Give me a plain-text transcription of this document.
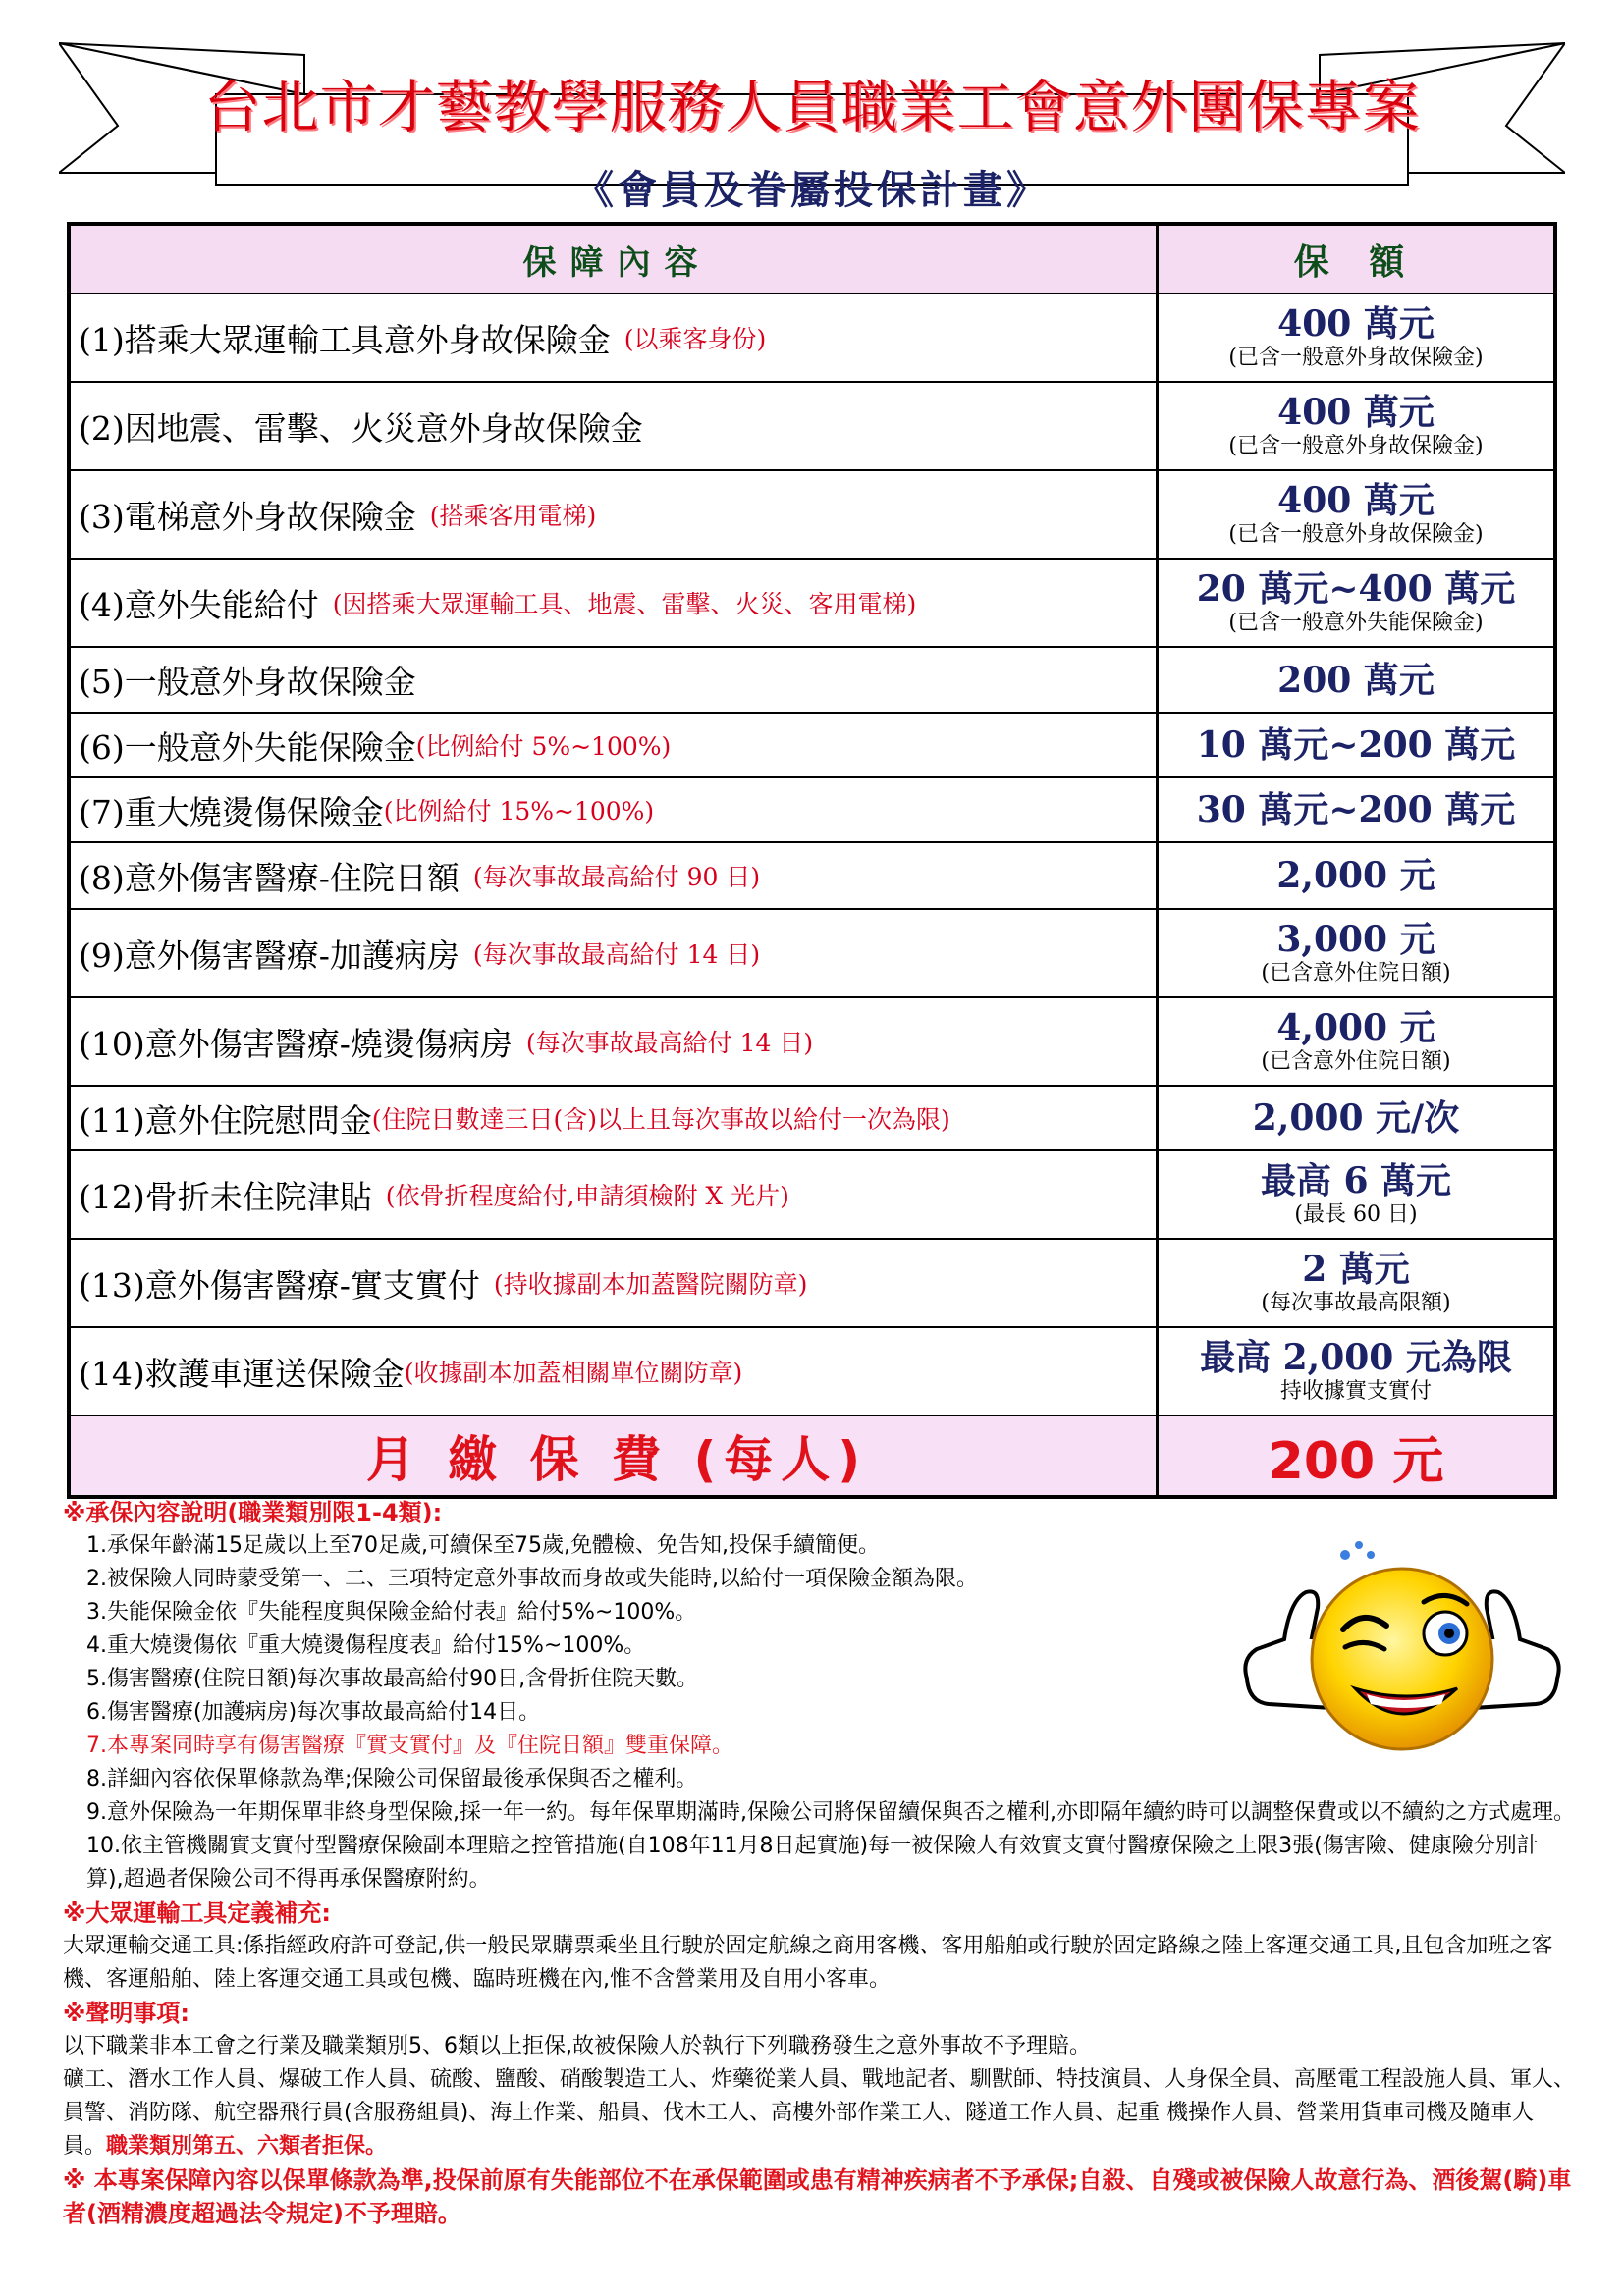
台北市才藝教學服務人員職業工會意外團保專案
《會員及眷屬投保計畫》
保障內容	保 額
(1)搭乘大眾運輸工具意外身故保險金 (以乘客身份)	400 萬元
(已含一般意外身故保險金)
(2)因地震、雷擊、火災意外身故保險金	400 萬元
(已含一般意外身故保險金)
(3)電梯意外身故保險金 (搭乘客用電梯)	400 萬元
(已含一般意外身故保險金)
(4)意外失能給付 (因搭乘大眾運輸工具、地震、雷擊、火災、客用電梯)	20 萬元~400 萬元
(已含一般意外失能保險金)
(5)一般意外身故保險金	200 萬元
(6)一般意外失能保險金 (比例給付 5%~100%)	10 萬元~200 萬元
(7)重大燒燙傷保險金 (比例給付 15%~100%)	30 萬元~200 萬元
(8)意外傷害醫療-住院日額 (每次事故最高給付 90 日)	2,000 元
(9)意外傷害醫療-加護病房 (每次事故最高給付 14 日)	3,000 元
(已含意外住院日額)
(10)意外傷害醫療-燒燙傷病房 (每次事故最高給付 14 日)	4,000 元
(已含意外住院日額)
(11)意外住院慰問金 (住院日數達三日(含)以上且每次事故以給付一次為限)	2,000 元/次
(12)骨折未住院津貼 (依骨折程度給付,申請須檢附 X 光片)	最高 6 萬元
(最長 60 日)
(13)意外傷害醫療-實支實付 (持收據副本加蓋醫院關防章)	2 萬元
(每次事故最高限額)
(14)救護車運送保險金 (收據副本加蓋相關單位關防章)	最高 2,000 元為限
持收據實支實付
月 繳 保 費 (每人)	200 元
※承保內容說明(職業類別限1-4類):
1.承保年齡滿15足歲以上至70足歲,可續保至75歲,免體檢、免告知,投保手續簡便。
2.被保險人同時蒙受第一、二、三項特定意外事故而身故或失能時,以給付一項保險金額為限。
3.失能保險金依『失能程度與保險金給付表』給付5%~100%。
4.重大燒燙傷依『重大燒燙傷程度表』給付15%~100%。
5.傷害醫療(住院日額)每次事故最高給付90日,含骨折住院天數。
6.傷害醫療(加護病房)每次事故最高給付14日。
7.本專案同時享有傷害醫療『實支實付』及『住院日額』雙重保障。
8.詳細內容依保單條款為準;保險公司保留最後承保與否之權利。
9.意外保險為一年期保單非終身型保險,採一年一約。每年保單期滿時,保險公司將保留續保與否之權利,亦即隔年續約時可以調整保費或以不續約之方式處理。
10.依主管機關實支實付型醫療保險副本理賠之控管措施(自108年11月8日起實施)每一被保險人有效實支實付醫療保險之上限3張(傷害險、健康險分別計算),超過者保險公司不得再承保醫療附約。
※大眾運輸工具定義補充:
大眾運輸交通工具:係指經政府許可登記,供一般民眾購票乘坐且行駛於固定航線之商用客機、客用船舶或行駛於固定路線之陸上客運交通工具,且包含加班之客機、客運船舶、陸上客運交通工具或包機、臨時班機在內,惟不含營業用及自用小客車。
※聲明事項:
以下職業非本工會之行業及職業類別5、6類以上拒保,故被保險人於執行下列職務發生之意外事故不予理賠。
礦工、潛水工作人員、爆破工作人員、硫酸、鹽酸、硝酸製造工人、炸藥從業人員、戰地記者、馴獸師、特技演員、人身保全員、高壓電工程設施人員、軍人、員警、消防隊、航空器飛行員(含服務組員)、海上作業、船員、伐木工人、高樓外部作業工人、隧道工作人員、起重 機操作人員、營業用貨車司機及隨車人員。職業類別第五、六類者拒保。
※ 本專案保障內容以保單條款為準,投保前原有失能部位不在承保範圍或患有精神疾病者不予承保;自殺、自殘或被保險人故意行為、酒後駕(騎)車者(酒精濃度超過法令規定)不予理賠。
